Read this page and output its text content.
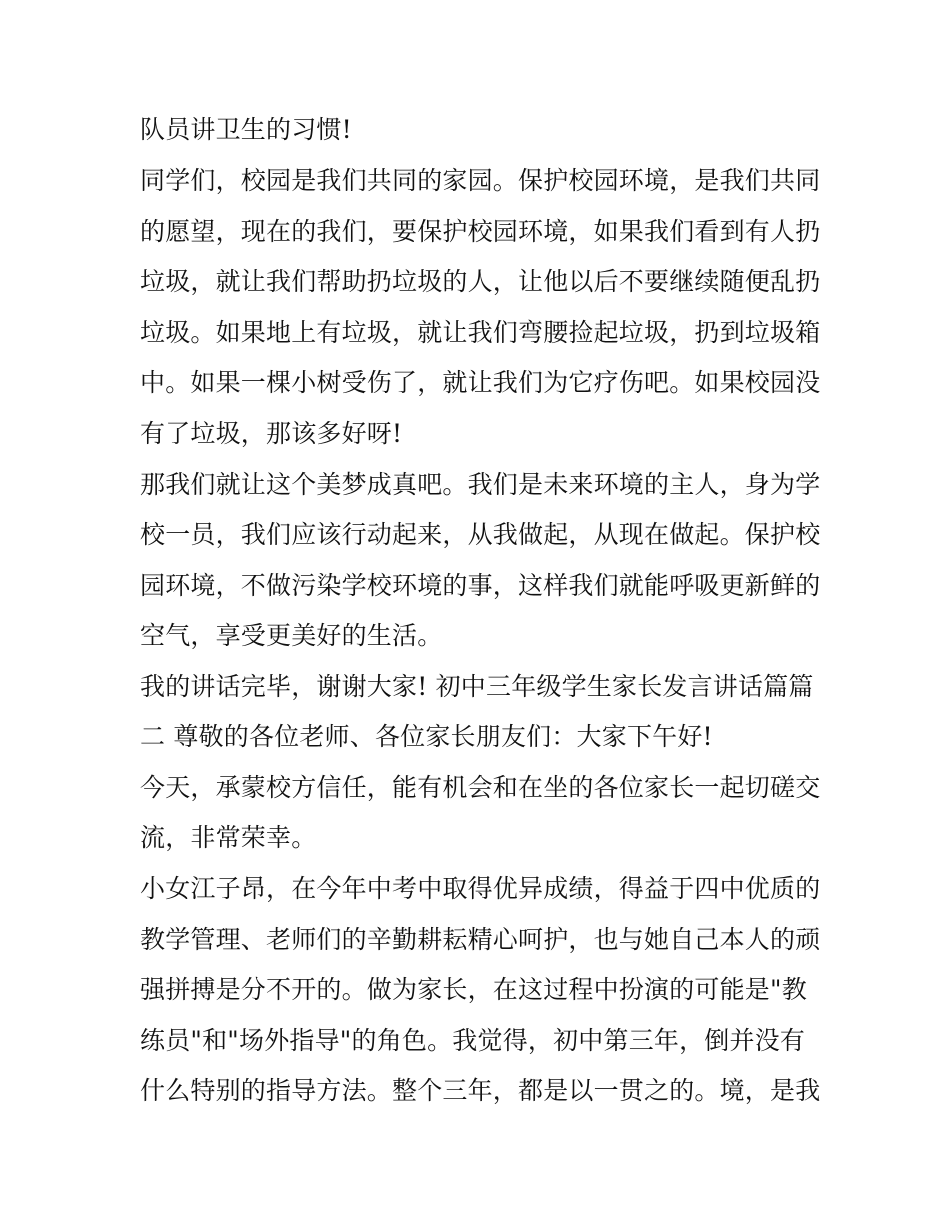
队员讲卫生的习惯!
同学们，校园是我们共同的家园。保护校园环境，是我们共同
的愿望，现在的我们，要保护校园环境，如果我们看到有人扔
垃圾，就让我们帮助扔垃圾的人，让他以后不要继续随便乱扔
垃圾。如果地上有垃圾，就让我们弯腰捡起垃圾，扔到垃圾箱
中。如果一棵小树受伤了，就让我们为它疗伤吧。如果校园没
有了垃圾，那该多好呀!
那我们就让这个美梦成真吧。我们是未来环境的主人，身为学
校一员，我们应该行动起来，从我做起，从现在做起。保护校
园环境，不做污染学校环境的事，这样我们就能呼吸更新鲜的
空气，享受更美好的生活。
我的讲话完毕，谢谢大家! 初中三年级学生家长发言讲话篇篇
二 尊敬的各位老师、各位家长朋友们：大家下午好!
今天，承蒙校方信任，能有机会和在坐的各位家长一起切磋交
流，非常荣幸。
小女江子昂，在今年中考中取得优异成绩，得益于四中优质的
教学管理、老师们的辛勤耕耘精心呵护，也与她自己本人的顽
强拼搏是分不开的。做为家长，在这过程中扮演的可能是"教
练员"和"场外指导"的角色。我觉得，初中第三年，倒并没有
什么特别的指导方法。整个三年，都是以一贯之的。境，是我
